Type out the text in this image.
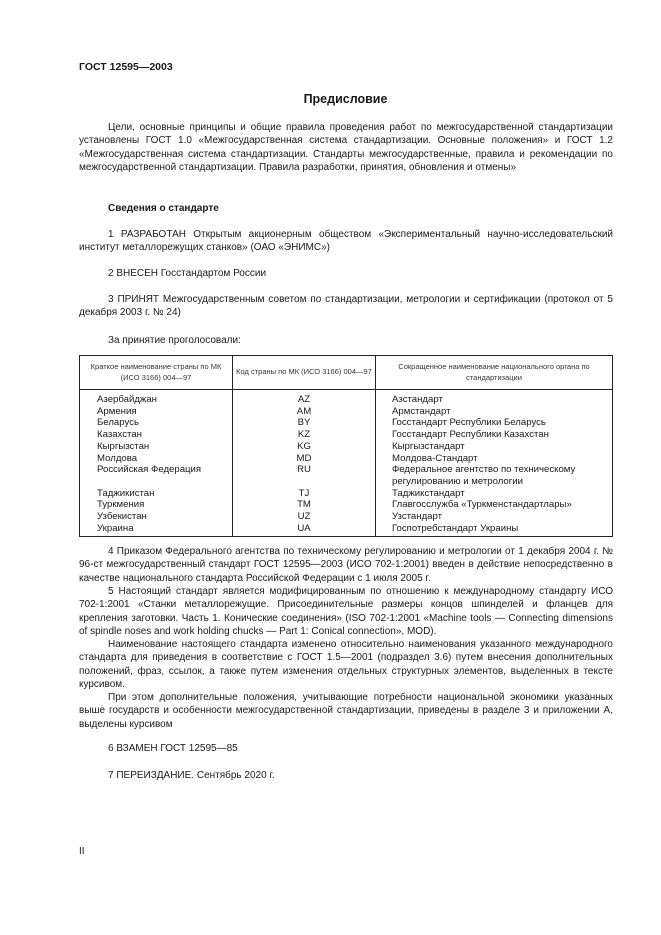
ГОСТ 12595—2003
Предисловие

Цели, основные принципы и общие правила проведения работ по межгосударственной стандартизации установлены ГОСТ 1.0 «Межгосударственная система стандартизации. Основные положения» и ГОСТ 1.2 «Межгосударственная система стандартизации. Стандарты межгосударственные, правила и рекомендации по межгосударственной стандартизации. Правила разработки, принятия, обновления и отмены»

Сведения о стандарте

1 РАЗРАБОТАН Открытым акционерным обществом «Экспериментальный научно-исследовательский институт металлорежущих станков» (ОАО «ЭНИМС»)

2 ВНЕСЕН Госстандартом России

3 ПРИНЯТ Межгосударственным советом по стандартизации, метрологии и сертификации (протокол от 5 декабря 2003 г. № 24)

За принятие проголосовали:

Краткое наименование страны по МК (ИСО 3166) 004—97	Код страны по МК (ИСО 3166) 004—97	Сокращенное наименование национального органа по стандартизации
Азербайджан	AZ	Азстандарт
Армения	AM	Армстандарт
Беларусь	BY	Госстандарт Республики Беларусь
Казахстан	KZ	Госстандарт Республики Казахстан
Кыргызстан	KG	Кыргызстандарт
Молдова	MD	Молдова-Стандарт
Российская Федерация	RU	Федеральное агентство по техническому регулированию и метрологии
Таджикистан	TJ	Таджикстандарт
Туркмения	TM	Главгосслужба «Туркменстандартлары»
Узбекистан	UZ	Узстандарт
Украина	UA	Госпотребстандарт Украины

4 Приказом Федерального агентства по техническому регулированию и метрологии от 1 декабря 2004 г. № 96-ст межгосударственный стандарт ГОСТ 12595—2003 (ИСО 702-1:2001) введен в действие непосредственно в качестве национального стандарта Российской Федерации с 1 июля 2005 г.

5 Настоящий стандарт является модифицированным по отношению к международному стандарту ИСО 702-1:2001 «Станки металлорежущие. Присоединительные размеры концов шпинделей и фланцев для крепления заготовки. Часть 1. Конические соединения» (ISO 702-1:2001 «Machine tools — Connecting dimensions of spindle noses and work holding chucks — Part 1: Conical connection», MOD).

Наименование настоящего стандарта изменено относительно наименования указанного международного стандарта для приведения в соответствие с ГОСТ 1.5—2001 (подраздел 3.6) путем внесения дополнительных положений, фраз, ссылок, а также путем изменения отдельных структурных элементов, выделенных в тексте курсивом.

При этом дополнительные положения, учитывающие потребности национальной экономики указанных выше государств и особенности межгосударственной стандартизации, приведены в разделе 3 и приложении А, выделены курсивом

6 ВЗАМЕН ГОСТ 12595—85

7 ПЕРЕИЗДАНИЕ. Сентябрь 2020 г.

II
